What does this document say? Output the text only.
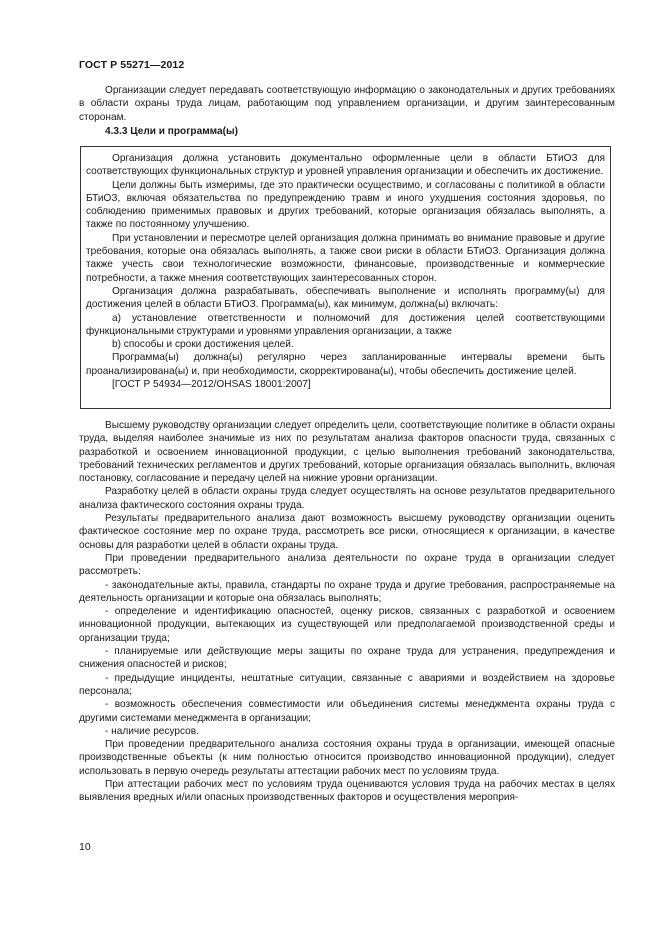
ГОСТ Р 55271—2012

Организации следует передавать соответствующую информацию о законодательных и других требованиях в области охраны труда лицам, работающим под управлением организации, и другим заинтересованным сторонам.

4.3.3 Цели и программа(ы)

Организация должна установить документально оформленные цели в области БТиОЗ для соответствующих функциональных структур и уровней управления организации и обеспечить их достижение.

Цели должны быть измеримы, где это практически осуществимо, и согласованы с политикой в области БТиОЗ, включая обязательства по предупреждению травм и иного ухудшения состояния здоровья, по соблюдению применимых правовых и других требований, которые организация обязалась выполнять, а также по постоянному улучшению.

При установлении и пересмотре целей организация должна принимать во внимание правовые и другие требования, которые она обязалась выполнять, а также свои риски в области БТиОЗ. Организация должна также учесть свои технологические возможности, финансовые, производственные и коммерческие потребности, а также мнения соответствующих заинтересованных сторон.

Организация должна разрабатывать, обеспечивать выполнение и исполнять программу(ы) для достижения целей в области БТиОЗ. Программа(ы), как минимум, должна(ы) включать:

а) установление ответственности и полномочий для достижения целей соответствующими функциональными структурами и уровнями управления организации, а также

b) способы и сроки достижения целей.

Программа(ы) должна(ы) регулярно через запланированные интервалы времени быть проанализирована(ы) и, при необходимости, скорректирована(ы), чтобы обеспечить достижение целей.

[ГОСТ Р 54934—2012/OHSAS 18001:2007]

Высшему руководству организации следует определить цели, соответствующие политике в области охраны труда, выделяя наиболее значимые из них по результатам анализа факторов опасности труда, связанных с разработкой и освоением инновационной продукции, с целью выполнения требований законодательства, требований технических регламентов и других требований, которые организация обязалась выполнить, включая постановку, согласование и передачу целей на нижние уровни организации.

Разработку целей в области охраны труда следует осуществлять на основе результатов предварительного анализа фактического состояния охраны труда.

Результаты предварительного анализа дают возможность высшему руководству организации оценить фактическое состояние мер по охране труда, рассмотреть все риски, относящиеся к организации, в качестве основы для разработки целей в области охраны труда.

При проведении предварительного анализа деятельности по охране труда в организации следует рассмотреть:

- законодательные акты, правила, стандарты по охране труда и другие требования, распространяемые на деятельность организации и которые она обязалась выполнять;

- определение и идентификацию опасностей, оценку рисков, связанных с разработкой и освоением инновационной продукции, вытекающих из существующей или предполагаемой производственной среды и организации труда;

- планируемые или действующие меры защиты по охране труда для устранения, предупреждения и снижения опасностей и рисков;

- предыдущие инциденты, нештатные ситуации, связанные с авариями и воздействием на здоровье персонала;

- возможность обеспечения совместимости или объединения системы менеджмента охраны труда с другими системами менеджмента в организации;

- наличие ресурсов.

При проведении предварительного анализа состояния охраны труда в организации, имеющей опасные производственные объекты (к ним полностью относится производство инновационной продукции), следует использовать в первую очередь результаты аттестации рабочих мест по условиям труда.

При аттестации рабочих мест по условиям труда оцениваются условия труда на рабочих местах в целях выявления вредных и/или опасных производственных факторов и осуществления мероприя-

10
